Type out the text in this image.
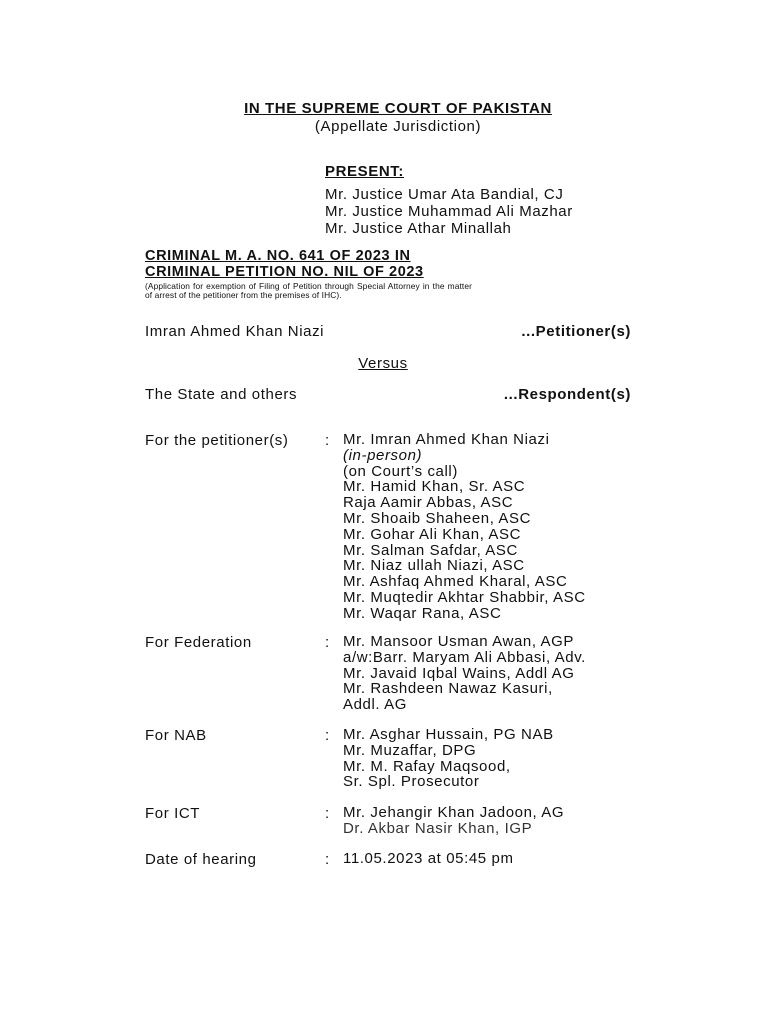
IN THE SUPREME COURT OF PAKISTAN
(Appellate Jurisdiction)
PRESENT:
Mr. Justice Umar Ata Bandial, CJ
Mr. Justice Muhammad Ali Mazhar
Mr. Justice Athar Minallah
CRIMINAL M. A. NO. 641 OF 2023 IN
CRIMINAL PETITION NO. NIL OF 2023
(Application for exemption of Filing of Petition through Special Attorney in the matter of arrest of the petitioner from the premises of IHC).
Imran Ahmed Khan Niazi	...Petitioner(s)
Versus
The State and others	...Respondent(s)
For the petitioner(s) : Mr. Imran Ahmed Khan Niazi
(in-person)
(on Court’s call)
Mr. Hamid Khan, Sr. ASC
Raja Aamir Abbas, ASC
Mr. Shoaib Shaheen, ASC
Mr. Gohar Ali Khan, ASC
Mr. Salman Safdar, ASC
Mr. Niaz ullah Niazi, ASC
Mr. Ashfaq Ahmed Kharal, ASC
Mr. Muqtedir Akhtar Shabbir, ASC
Mr. Waqar Rana, ASC
For Federation	: Mr. Mansoor Usman Awan, AGP
a/w:Barr. Maryam Ali Abbasi, Adv.
Mr. Javaid Iqbal Wains, Addl AG
Mr. Rashdeen Nawaz Kasuri,
Addl. AG
For NAB	: Mr. Asghar Hussain, PG NAB
Mr. Muzaffar, DPG
Mr. M. Rafay Maqsood,
Sr. Spl. Prosecutor
For ICT	: Mr. Jehangir Khan Jadoon, AG
Dr. Akbar Nasir Khan, IGP
Date of hearing	: 11.05.2023 at 05:45 pm
